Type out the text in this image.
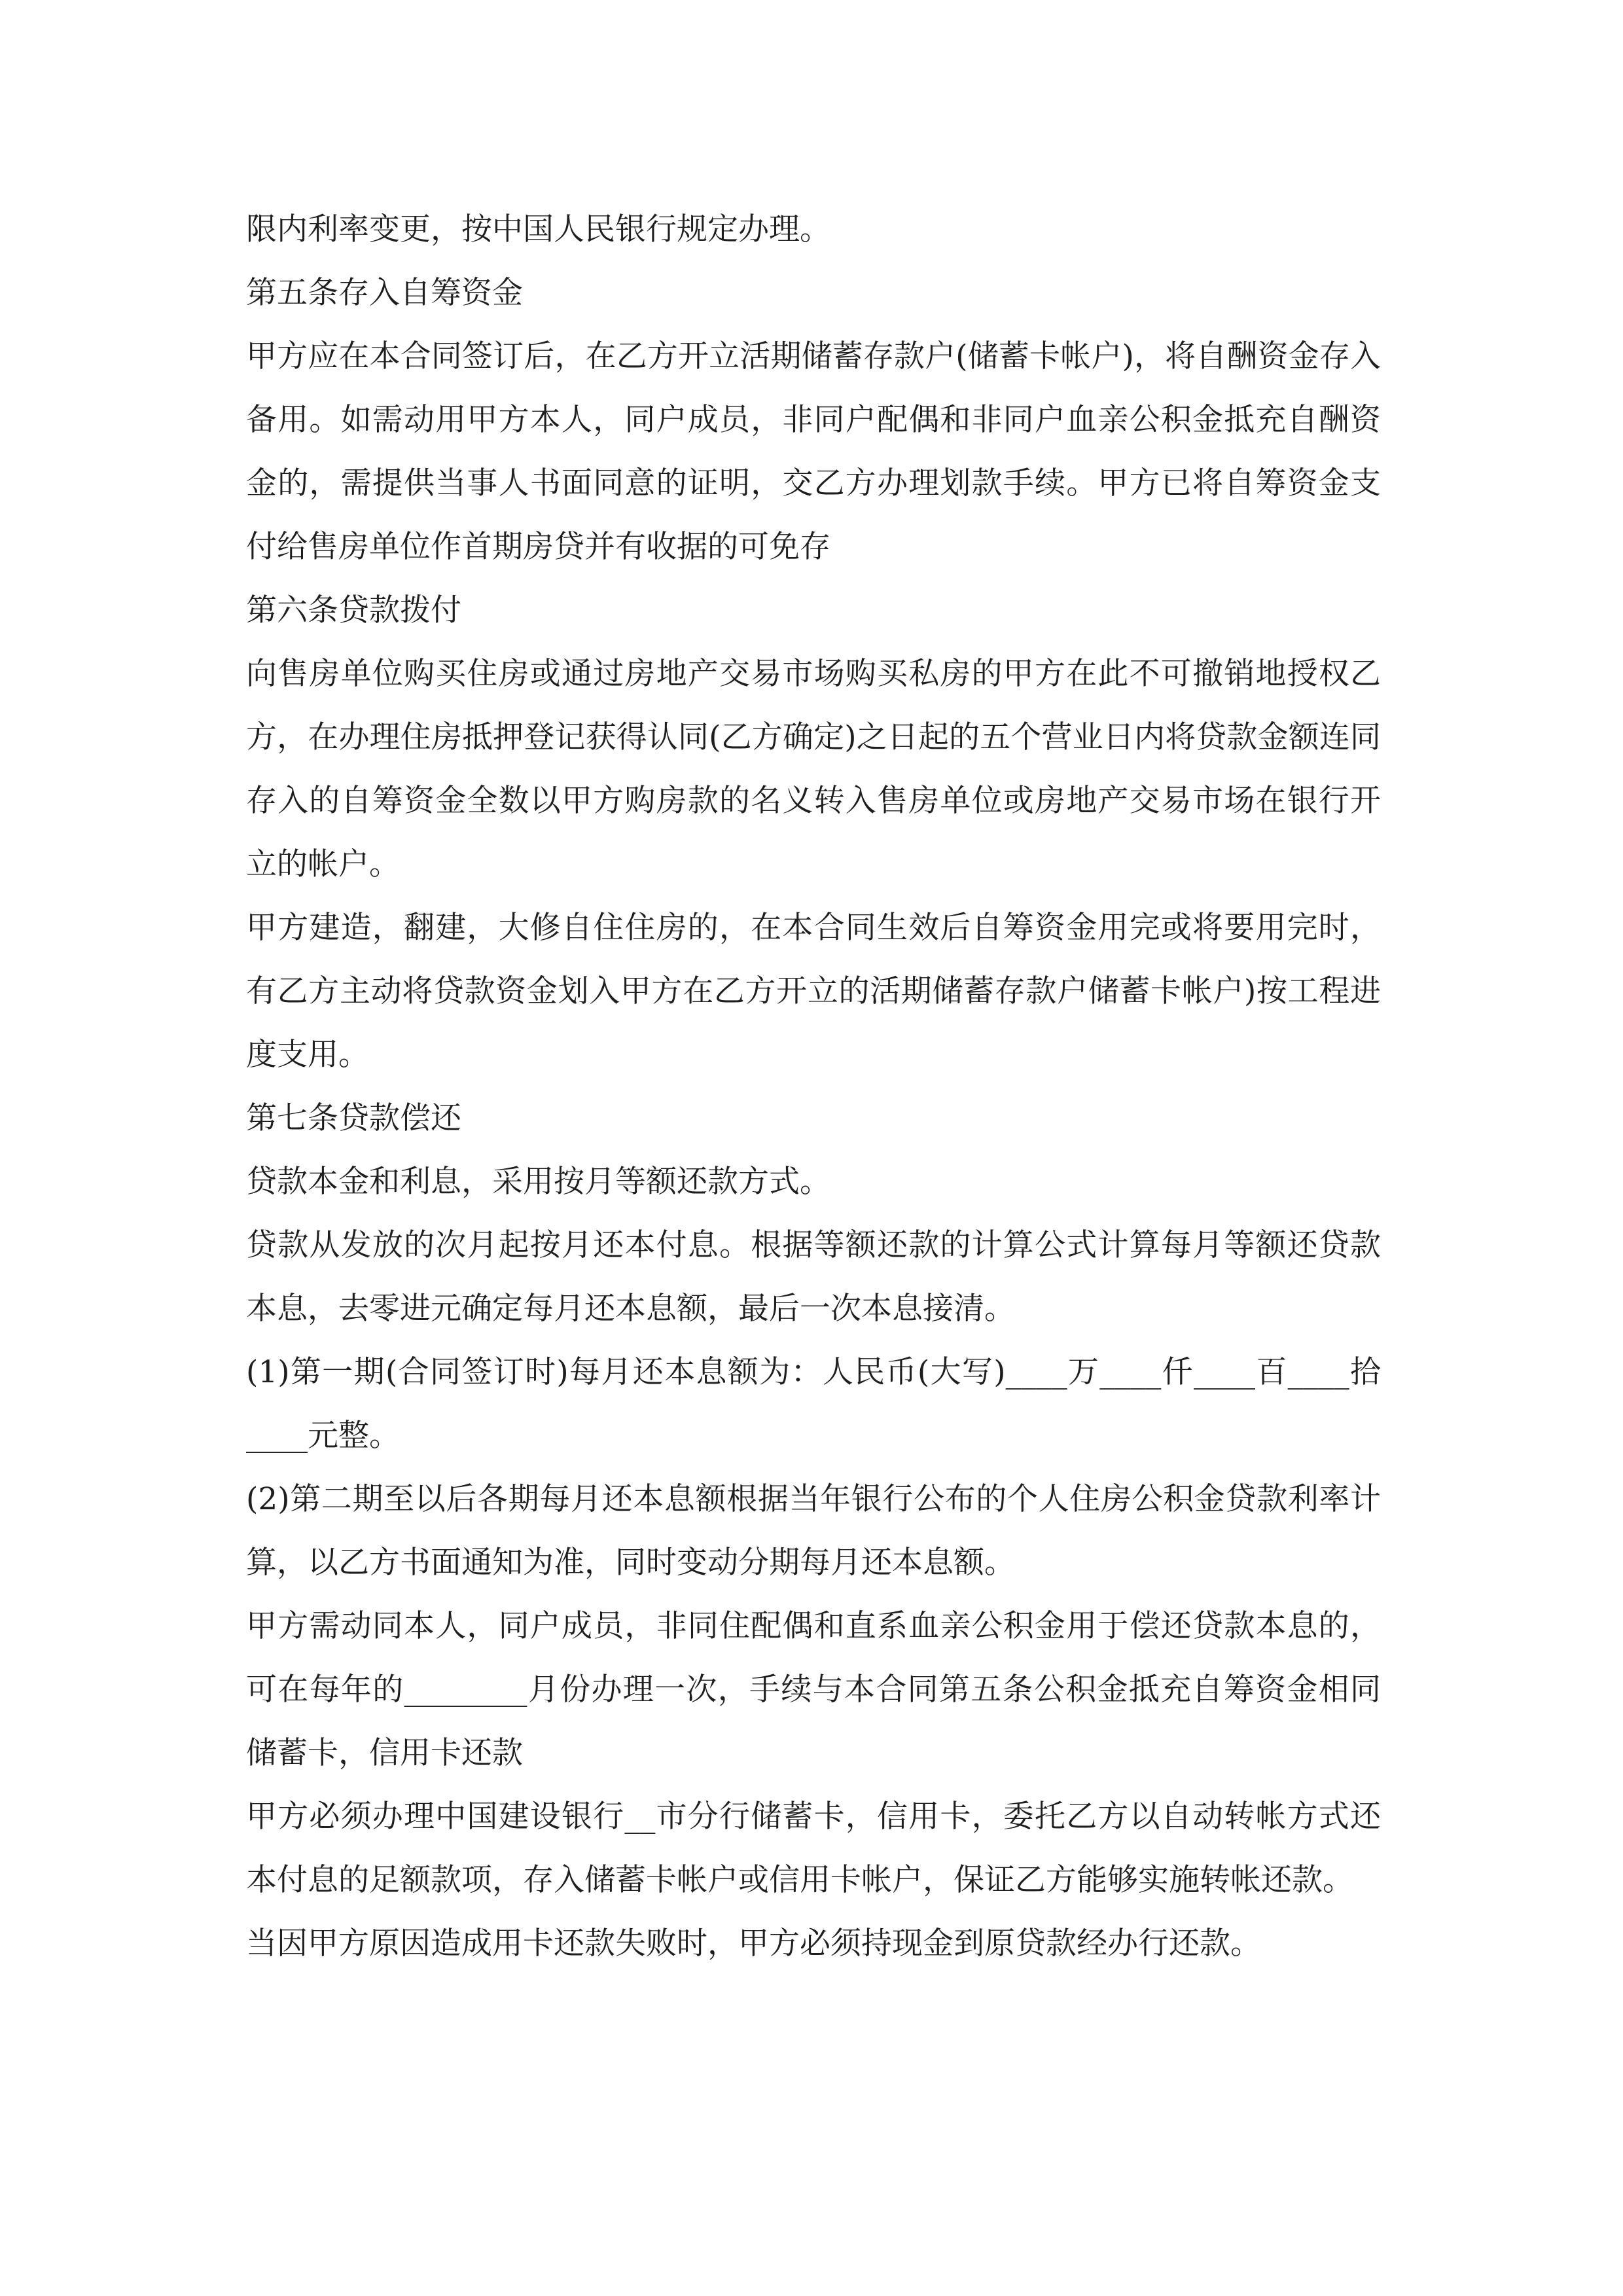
限内利率变更，按中国人民银行规定办理。

第五条存入自筹资金

甲方应在本合同签订后，在乙方开立活期储蓄存款户(储蓄卡帐户)，将自酬资金存入备用。如需动用甲方本人，同户成员，非同户配偶和非同户血亲公积金抵充自酬资金的，需提供当事人书面同意的证明，交乙方办理划款手续。甲方已将自筹资金支付给售房单位作首期房贷并有收据的可免存

第六条贷款拨付

向售房单位购买住房或通过房地产交易市场购买私房的甲方在此不可撤销地授权乙方，在办理住房抵押登记获得认同(乙方确定)之日起的五个营业日内将贷款金额连同存入的自筹资金全数以甲方购房款的名义转入售房单位或房地产交易市场在银行开立的帐户。

甲方建造，翻建，大修自住住房的，在本合同生效后自筹资金用完或将要用完时，有乙方主动将贷款资金划入甲方在乙方开立的活期储蓄存款户储蓄卡帐户)按工程进度支用。

第七条贷款偿还

贷款本金和利息，采用按月等额还款方式。

贷款从发放的次月起按月还本付息。根据等额还款的计算公式计算每月等额还贷款本息，去零进元确定每月还本息额，最后一次本息接清。

(1)第一期(合同签订时)每月还本息额为：人民币(大写)____万____仟____百____拾____元整。

(2)第二期至以后各期每月还本息额根据当年银行公布的个人住房公积金贷款利率计算，以乙方书面通知为准，同时变动分期每月还本息额。

甲方需动同本人，同户成员，非同住配偶和直系血亲公积金用于偿还贷款本息的，可在每年的________月份办理一次，手续与本合同第五条公积金抵充自筹资金相同储蓄卡，信用卡还款

甲方必须办理中国建设银行__市分行储蓄卡，信用卡，委托乙方以自动转帐方式还本付息的足额款项，存入储蓄卡帐户或信用卡帐户，保证乙方能够实施转帐还款。

当因甲方原因造成用卡还款失败时，甲方必须持现金到原贷款经办行还款。
